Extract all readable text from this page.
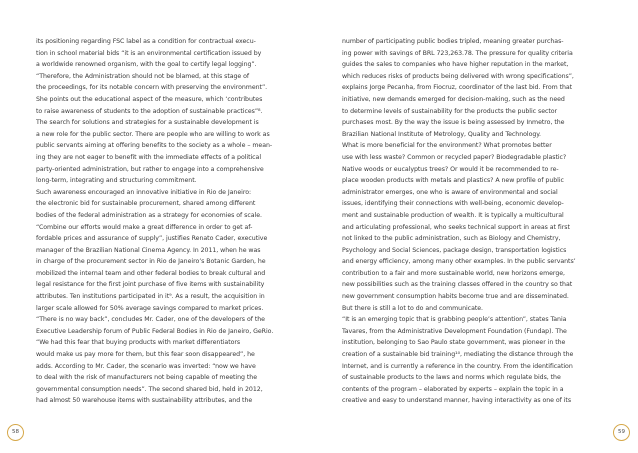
its positioning regarding FSC label as a condition for contractual execu-
tion in school material bids “it is an environmental certification issued by
a worldwide renowned organism, with the goal to certify legal logging”.
“Therefore, the Administration should not be blamed, at this stage of
the proceedings, for its notable concern with preserving the environment”.
She points out the educational aspect of the measure, which ‘contributes
to raise awareness of students to the adoption of sustainable practices”⁸.
The search for solutions and strategies for a sustainable development is
a new role for the public sector. There are people who are willing to work as
public servants aiming at offering benefits to the society as a whole – mean-
ing they are not eager to benefit with the immediate effects of a political
party-oriented administration, but rather to engage into a comprehensive
long-term, integrating and structuring commitment.
Such awareness encouraged an innovative initiative in Rio de Janeiro:
the electronic bid for sustainable procurement, shared among different
bodies of the federal administration as a strategy for economies of scale.
“Combine our efforts would make a great difference in order to get af-
fordable prices and assurance of supply”, justifies Renato Cader, executive
manager of the Brazilian National Cinema Agency. In 2011, when he was
in charge of the procurement sector in Rio de Janeiro’s Botanic Garden, he
mobilized the internal team and other federal bodies to break cultural and
legal resistance for the first joint purchase of five items with sustainability
attributes. Ten institutions participated in it⁹. As a result, the acquisition in
larger scale allowed for 50% average savings compared to market prices.
“There is no way back”, concludes Mr. Cader, one of the developers of the
Executive Leadership forum of Public Federal Bodies in Rio de Janeiro, GeRio.
“We had this fear that buying products with market differentiators
would make us pay more for them, but this fear soon disappeared”, he
adds. According to Mr. Cader, the scenario was inverted: “now we have
to deal with the risk of manufacturers not being capable of meeting the
governmental consumption needs”. The second shared bid, held in 2012,
had almost 50 warehouse items with sustainability attributes, and the
58
number of participating public bodies tripled, meaning greater purchas-
ing power with savings of BRL 723,263.78. The pressure for quality criteria
guides the sales to companies who have higher reputation in the market,
which reduces risks of products being delivered with wrong specifications”,
explains Jorge Pecanha, from Fiocruz, coordinator of the last bid. From that
initiative, new demands emerged for decision-making, such as the need
to determine levels of sustainability for the products the public sector
purchases most. By the way the issue is being assessed by Inmetro, the
Brazilian National Institute of Metrology, Quality and Technology.
What is more beneficial for the environment? What promotes better
use with less waste? Common or recycled paper? Biodegradable plastic?
Native woods or eucalyptus trees? Or would it be recommended to re-
place wooden products with metals and plastics? A new profile of public
administrator emerges, one who is aware of environmental and social
issues, identifying their connections with well-being, economic develop-
ment and sustainable production of wealth. It is typically a multicultural
and articulating professional, who seeks technical support in areas at first
not linked to the public administration, such as Biology and Chemistry,
Psychology and Social Sciences, package design, transportation logistics
and energy efficiency, among many other examples. In the public servants’
contribution to a fair and more sustainable world, new horizons emerge,
new possibilities such as the training classes offered in the country so that
new government consumption habits become true and are disseminated.
But there is still a lot to do and communicate.
“It is an emerging topic that is grabbing people’s attention”, states Tania
Tavares, from the Administrative Development Foundation (Fundap). The
institution, belonging to Sao Paulo state government, was pioneer in the
creation of a sustainable bid training¹⁰, mediating the distance through the
Internet, and is currently a reference in the country. From the identification
of sustainable products to the laws and norms which regulate bids, the
contents of the program – elaborated by experts – explain the topic in a
creative and easy to understand manner, having interactivity as one of its
59
